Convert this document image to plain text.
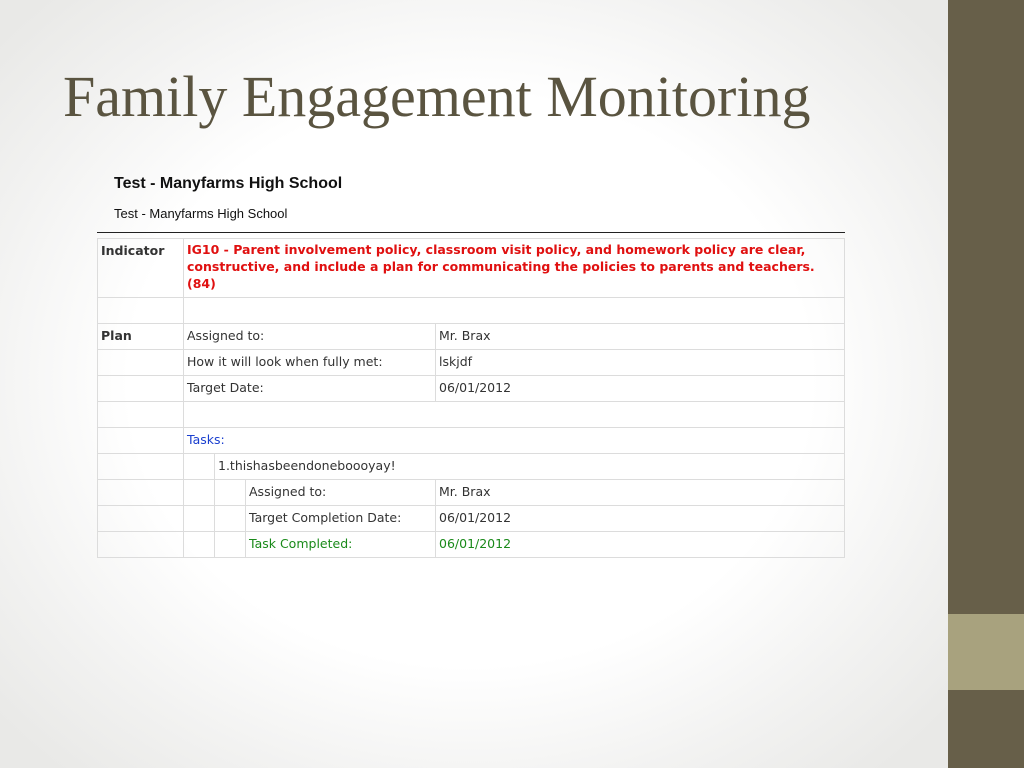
Family Engagement Monitoring
Test - Manyfarms High School
Test - Manyfarms High School
Indicator	IG10 - Parent involvement policy, classroom visit policy, and homework policy are clear, constructive, and include a plan for communicating the policies to parents and teachers. (84)			

Plan	Assigned to:			Mr. Brax
	How it will look when fully met:			lskjdf
	Target Date:			06/01/2012

	Tasks:			
		1.thishasbeendoneboooyay!		
			Assigned to:	Mr. Brax
			Target Completion Date:	06/01/2012
			Task Completed:	06/01/2012
